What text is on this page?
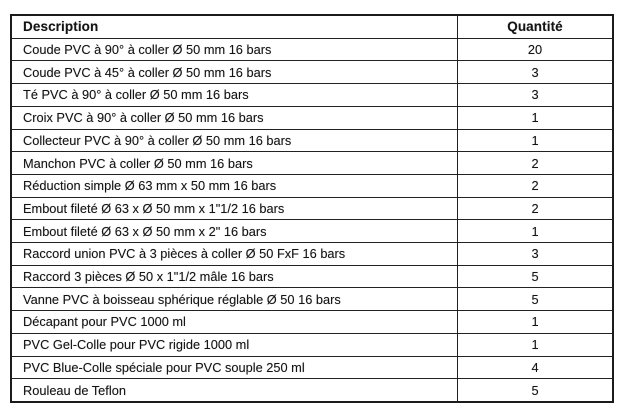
Description	Quantité
Coude PVC à 90° à coller Ø 50 mm 16 bars	20
Coude PVC à 45° à coller Ø 50 mm 16 bars	3
Té PVC à 90° à coller Ø 50 mm 16 bars	3
Croix PVC à 90° à coller Ø 50 mm 16 bars	1
Collecteur PVC à 90° à coller Ø 50 mm 16 bars	1
Manchon PVC à coller Ø 50 mm 16 bars	2
Réduction simple Ø 63 mm x 50 mm 16 bars	2
Embout fileté Ø 63 x Ø 50 mm x 1"1/2 16 bars	2
Embout fileté Ø 63 x Ø 50 mm x 2" 16 bars	1
Raccord union PVC à 3 pièces à coller Ø 50 FxF 16 bars	3
Raccord 3 pièces Ø 50 x 1"1/2 mâle 16 bars	5
Vanne PVC à boisseau sphérique réglable Ø 50 16 bars	5
Décapant pour PVC 1000 ml	1
PVC Gel-Colle pour PVC rigide 1000 ml	1
PVC Blue-Colle spéciale pour PVC souple 250 ml	4
Rouleau de Teflon	5
